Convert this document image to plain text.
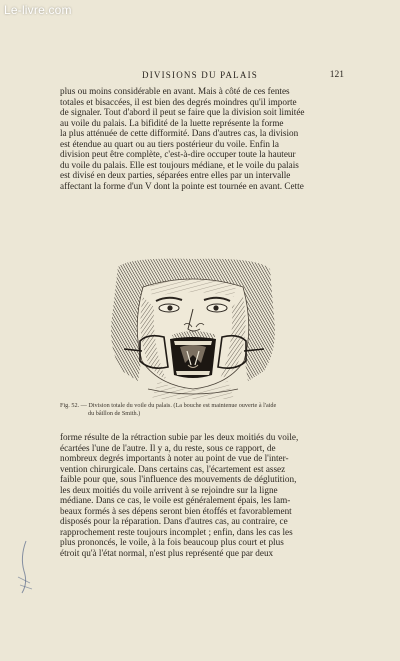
Le-livre.com
DIVISIONS DU PALAIS	121
plus ou moins considérable en avant. Mais à côté de ces fentes
totales et bisaccées, il est bien des degrés moindres qu'il importe
de signaler. Tout d'abord il peut se faire que la division soit limitée
au voile du palais. La bifidité de la luette représente la forme
la plus atténuée de cette difformité. Dans d'autres cas, la division
est étendue au quart ou au tiers postérieur du voile. Enfin la
division peut être complète, c'est-à-dire occuper toute la hauteur
du voile du palais. Elle est toujours médiane, et le voile du palais
est divisé en deux parties, séparées entre elles par un intervalle
affectant la forme d'un V dont la pointe est tournée en avant. Cette
Fig. 52. — Division totale du voile du palais. (La bouche est maintenue ouverte à l'aide
du bâillon de Smith.)
forme résulte de la rétraction subie par les deux moitiés du voile,
écartées l'une de l'autre. Il y a, du reste, sous ce rapport, de
nombreux degrés importants à noter au point de vue de l'inter-
vention chirurgicale. Dans certains cas, l'écartement est assez
faible pour que, sous l'influence des mouvements de déglutition,
les deux moitiés du voile arrivent à se rejoindre sur la ligne
médiane. Dans ce cas, le voile est généralement épais, les lam-
beaux formés à ses dépens seront bien étoffés et favorablement
disposés pour la réparation. Dans d'autres cas, au contraire, ce
rapprochement reste toujours incomplet ; enfin, dans les cas les
plus prononcés, le voile, à la fois beaucoup plus court et plus
étroit qu'à l'état normal, n'est plus représenté que par deux
